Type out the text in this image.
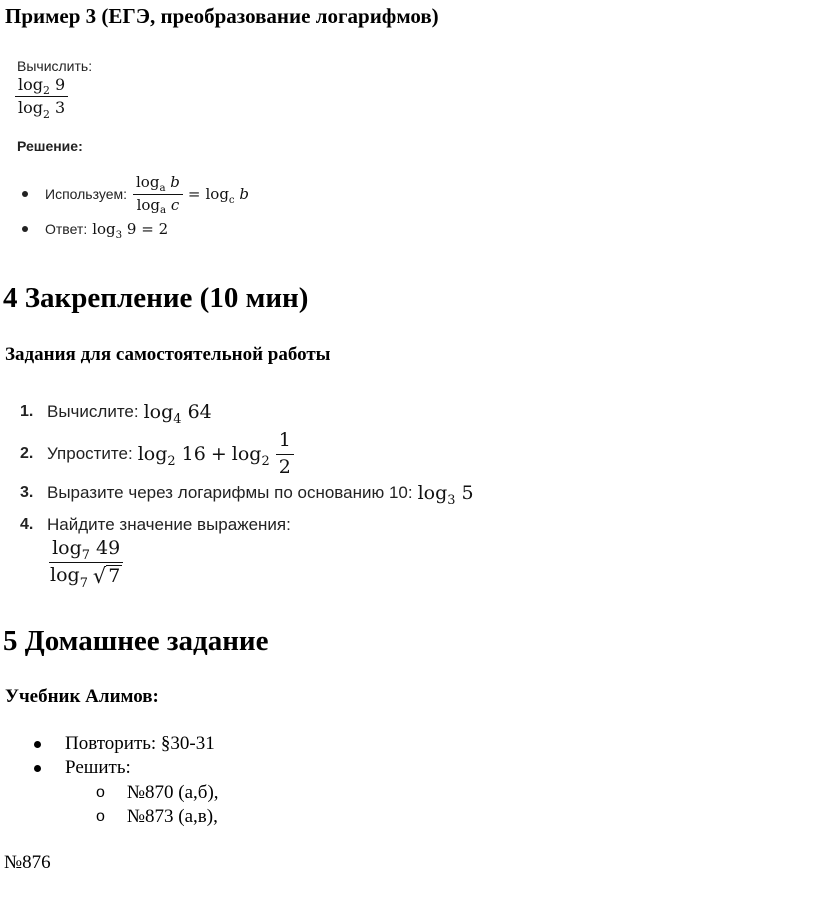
Пример 3 (ЕГЭ, преобразование логарифмов)
Вычислить:
$\frac{\log_2 9}{\log_2 3}$
Решение:
Используем: $\frac{\log_a b}{\log_a c} = \log_c b$
Ответ: $\log_3 9 = 2$
4 Закрепление (10 мин)
Задания для самостоятельной работы
1. Вычислите: $\log_4 64$
2. Упростите: $\log_2 16 + \log_2 \frac{1}{2}$
3. Выразите через логарифмы по основанию 10: $\log_3 5$
4. Найдите значение выражения:
$\frac{\log_7 49}{\log 7 √ 7}$
5 Домашнее задание
Учебник Алимов:
Повторить: §30-31
Решить:
o №870 (а,б),
o №873 (а,в),
№876
